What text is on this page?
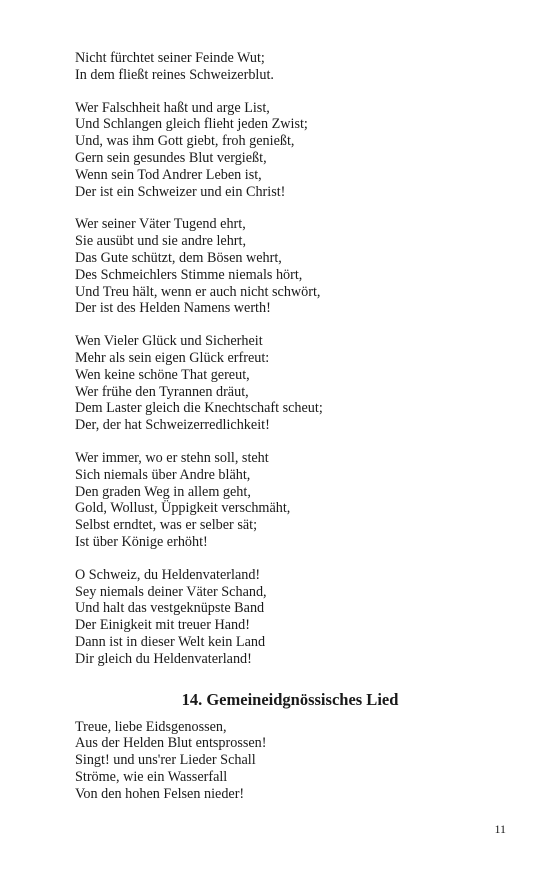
Nicht fürchtet seiner Feinde Wut;
In dem fließt reines Schweizerblut.
Wer Falschheit haßt und arge List,
Und Schlangen gleich flieht jeden Zwist;
Und, was ihm Gott giebt, froh genießt,
Gern sein gesundes Blut vergießt,
Wenn sein Tod Andrer Leben ist,
Der ist ein Schweizer und ein Christ!
Wer seiner Väter Tugend ehrt,
Sie ausübt und sie andre lehrt,
Das Gute schützt, dem Bösen wehrt,
Des Schmeichlers Stimme niemals hört,
Und Treu hält, wenn er auch nicht schwört,
Der ist des Helden Namens werth!
Wen Vieler Glück und Sicherheit
Mehr als sein eigen Glück erfreut:
Wen keine schöne That gereut,
Wer frühe den Tyrannen dräut,
Dem Laster gleich die Knechtschaft scheut;
Der, der hat Schweizerredlichkeit!
Wer immer, wo er stehn soll, steht
Sich niemals über Andre bläht,
Den graden Weg in allem geht,
Gold, Wollust, Üppigkeit verschmäht,
Selbst erndtet, was er selber sät;
Ist über Könige erhöht!
O Schweiz, du Heldenvaterland!
Sey niemals deiner Väter Schand,
Und halt das vestgeknüpste Band
Der Einigkeit mit treuer Hand!
Dann ist in dieser Welt kein Land
Dir gleich du Heldenvaterland!
14. Gemeineidgnössisches Lied
Treue, liebe Eidsgenossen,
Aus der Helden Blut entsprossen!
Singt! und uns'rer Lieder Schall
Ströme, wie ein Wasserfall
Von den hohen Felsen nieder!
11
